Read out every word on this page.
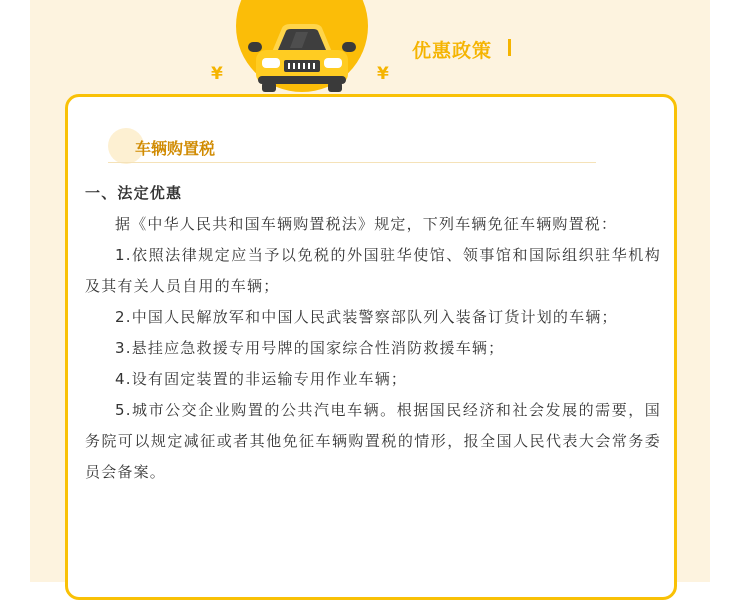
¥	¥
优惠政策
车辆购置税

一、法定优惠

据《中华人民共和国车辆购置税法》规定，下列车辆免征车辆购置税：

1.依照法律规定应当予以免税的外国驻华使馆、领事馆和国际组织驻华机构及其有关人员自用的车辆；

2.中国人民解放军和中国人民武装警察部队列入装备订货计划的车辆；

3.悬挂应急救援专用号牌的国家综合性消防救援车辆；

4.设有固定装置的非运输专用作业车辆；

5.城市公交企业购置的公共汽电车辆。根据国民经济和社会发展的需要，国务院可以规定减征或者其他免征车辆购置税的情形，报全国人民代表大会常务委员会备案。
